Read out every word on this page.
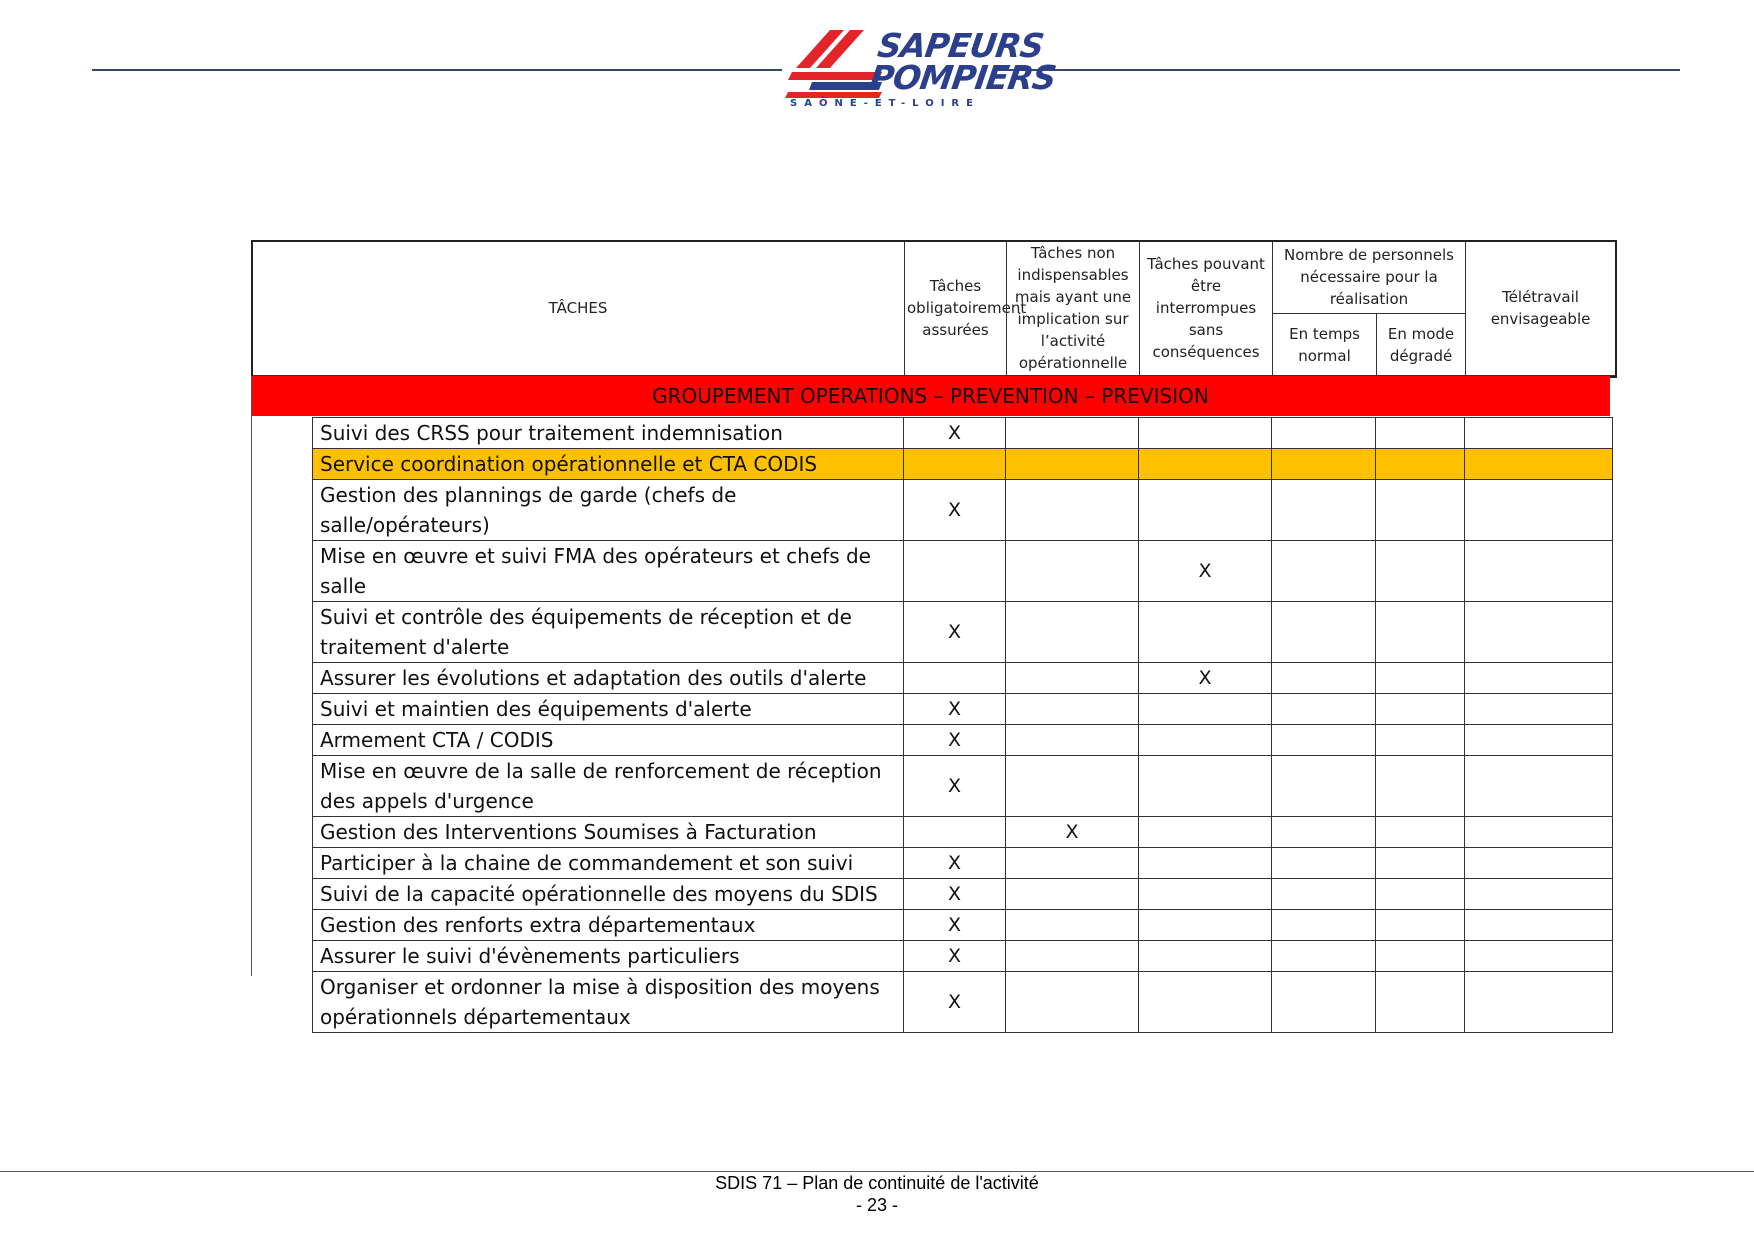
SAPEURS
POMPIERS
SAÔNE-ET-LOIRE
TÂCHES	Tâches obligatoirement assurées	Tâches non indispensables mais ayant une implication sur l’activité opérationnelle	Tâches pouvant être interrompues sans conséquences	Nombre de personnels nécessaire pour la réalisation		Télétravail envisageable
				En temps normal	En mode dégradé	
GROUPEMENT OPERATIONS – PREVENTION – PREVISION
Suivi des CRSS pour traitement indemnisation	X					
Service coordination opérationnelle et CTA CODIS						
Gestion des plannings de garde (chefs de salle/opérateurs)	X					
Mise en œuvre et suivi FMA des opérateurs et chefs de salle			X			
Suivi et contrôle des équipements de réception et de traitement d'alerte	X					
Assurer les évolutions et adaptation des outils d'alerte			X			
Suivi et maintien des équipements d'alerte	X					
Armement CTA / CODIS	X					
Mise en œuvre de la salle de renforcement de réception des appels d'urgence	X					
Gestion des Interventions Soumises à Facturation		X				
Participer à la chaine de commandement et son suivi	X					
Suivi de la capacité opérationnelle des moyens du SDIS	X					
Gestion des renforts extra départementaux	X					
Assurer le suivi d'évènements particuliers	X					
Organiser et ordonner la mise à disposition des moyens opérationnels départementaux	X					
SDIS 71 – Plan de continuité de l'activité
- 23 -
